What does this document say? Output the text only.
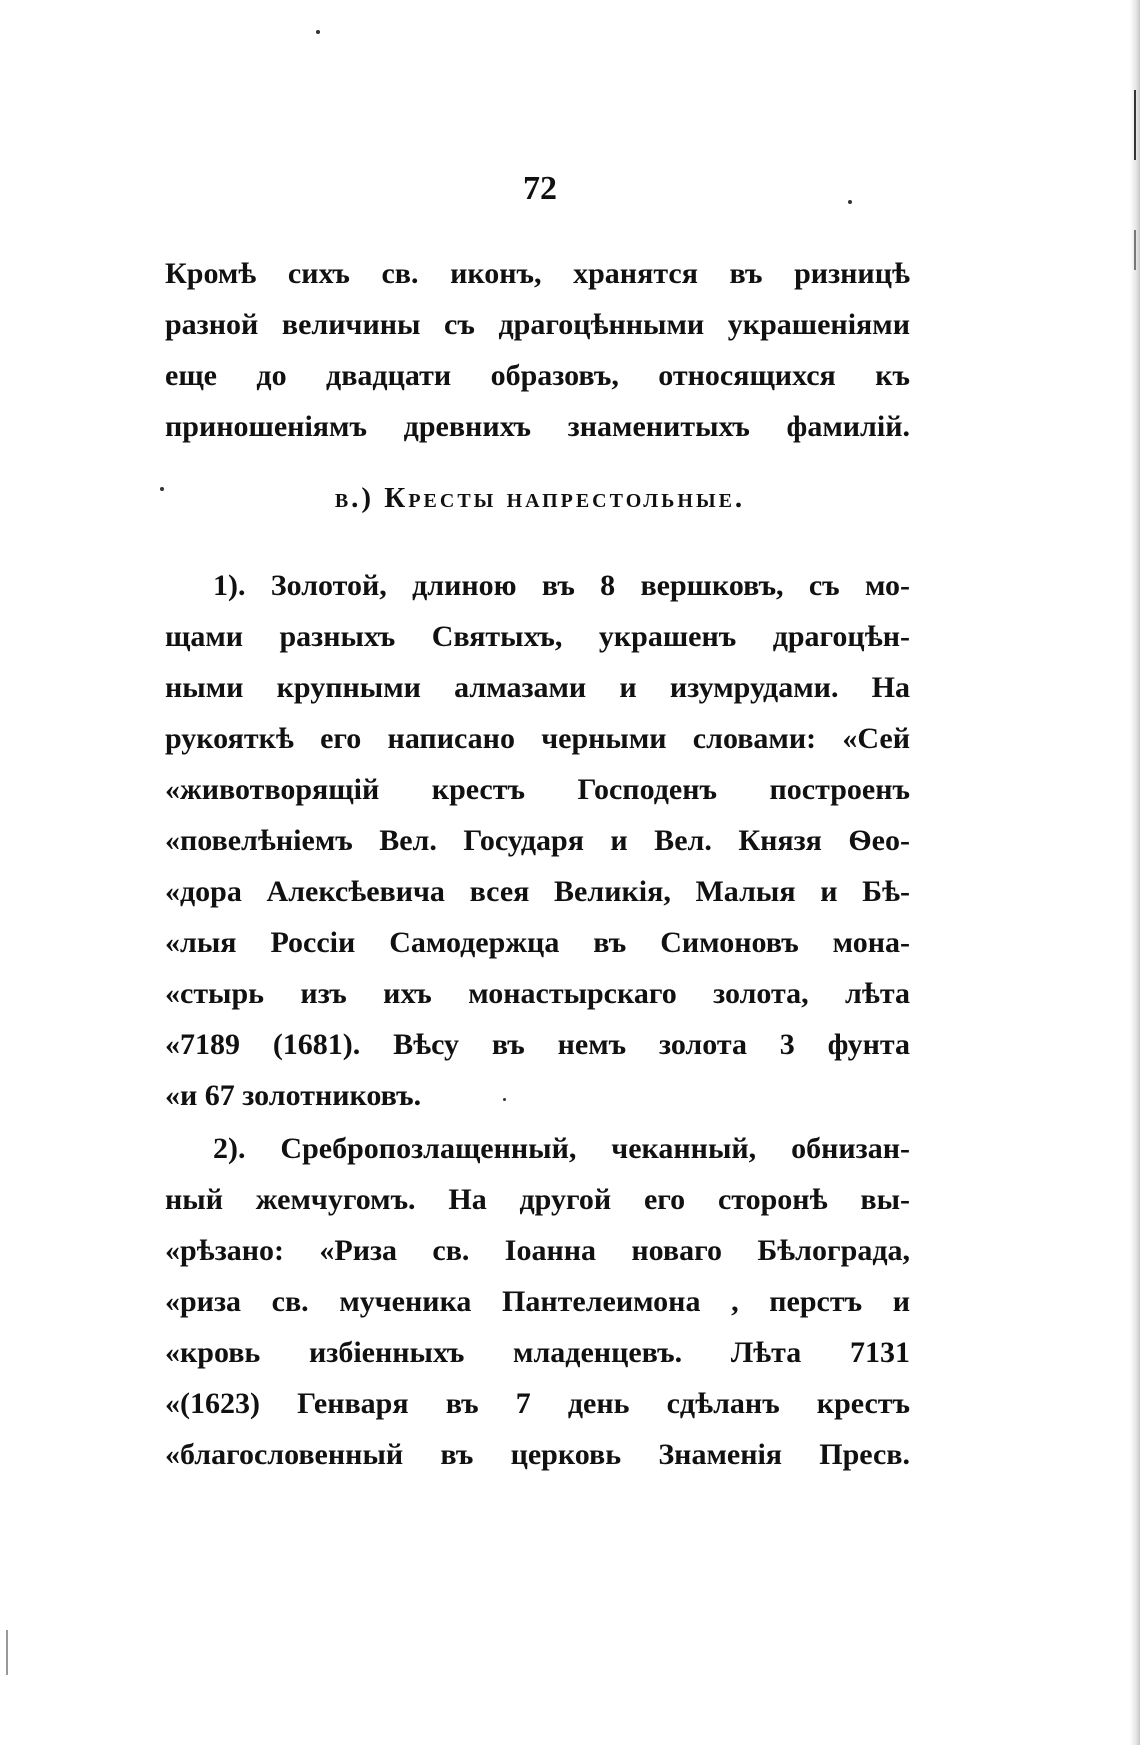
72
Кромѣ сихъ св. иконъ, хранятся въ ризницѣ
разной величины съ драгоцѣнными украшеніями
еще до двадцати образовъ, относящихся къ
приношеніямъ древнихъ знаменитыхъ фамилій.
b.) Кресты напрестольные.
1). Золотой, длиною въ 8 вершковъ, съ мо-
щами разныхъ Святыхъ, украшенъ драгоцѣн-
ными крупными алмазами и изумрудами. На
рукояткѣ его написано черными словами: «Сей
«животворящій крестъ Господенъ построенъ
«повелѣніемъ Вел. Государя и Вел. Князя Ѳео-
«дора Алексѣевича всея Великія, Малыя и Бѣ-
«лыя Россіи Самодержца въ Симоновъ мона-
«стырь изъ ихъ монастырскаго золота, лѣта
«7189 (1681). Вѣсу въ немъ золота 3 фунта
«и 67 золотниковъ.
2). Сребропозлащенный, чеканный, обнизан-
ный жемчугомъ. На другой его сторонѣ вы-
«рѣзано: «Риза св. Іоанна новаго Бѣлограда,
«риза св. мученика Пантелеимона , перстъ и
«кровь избіенныхъ младенцевъ. Лѣта 7131
«(1623) Генваря въ 7 день сдѣланъ крестъ
«благословенный въ церковь Знаменія Пресв.
